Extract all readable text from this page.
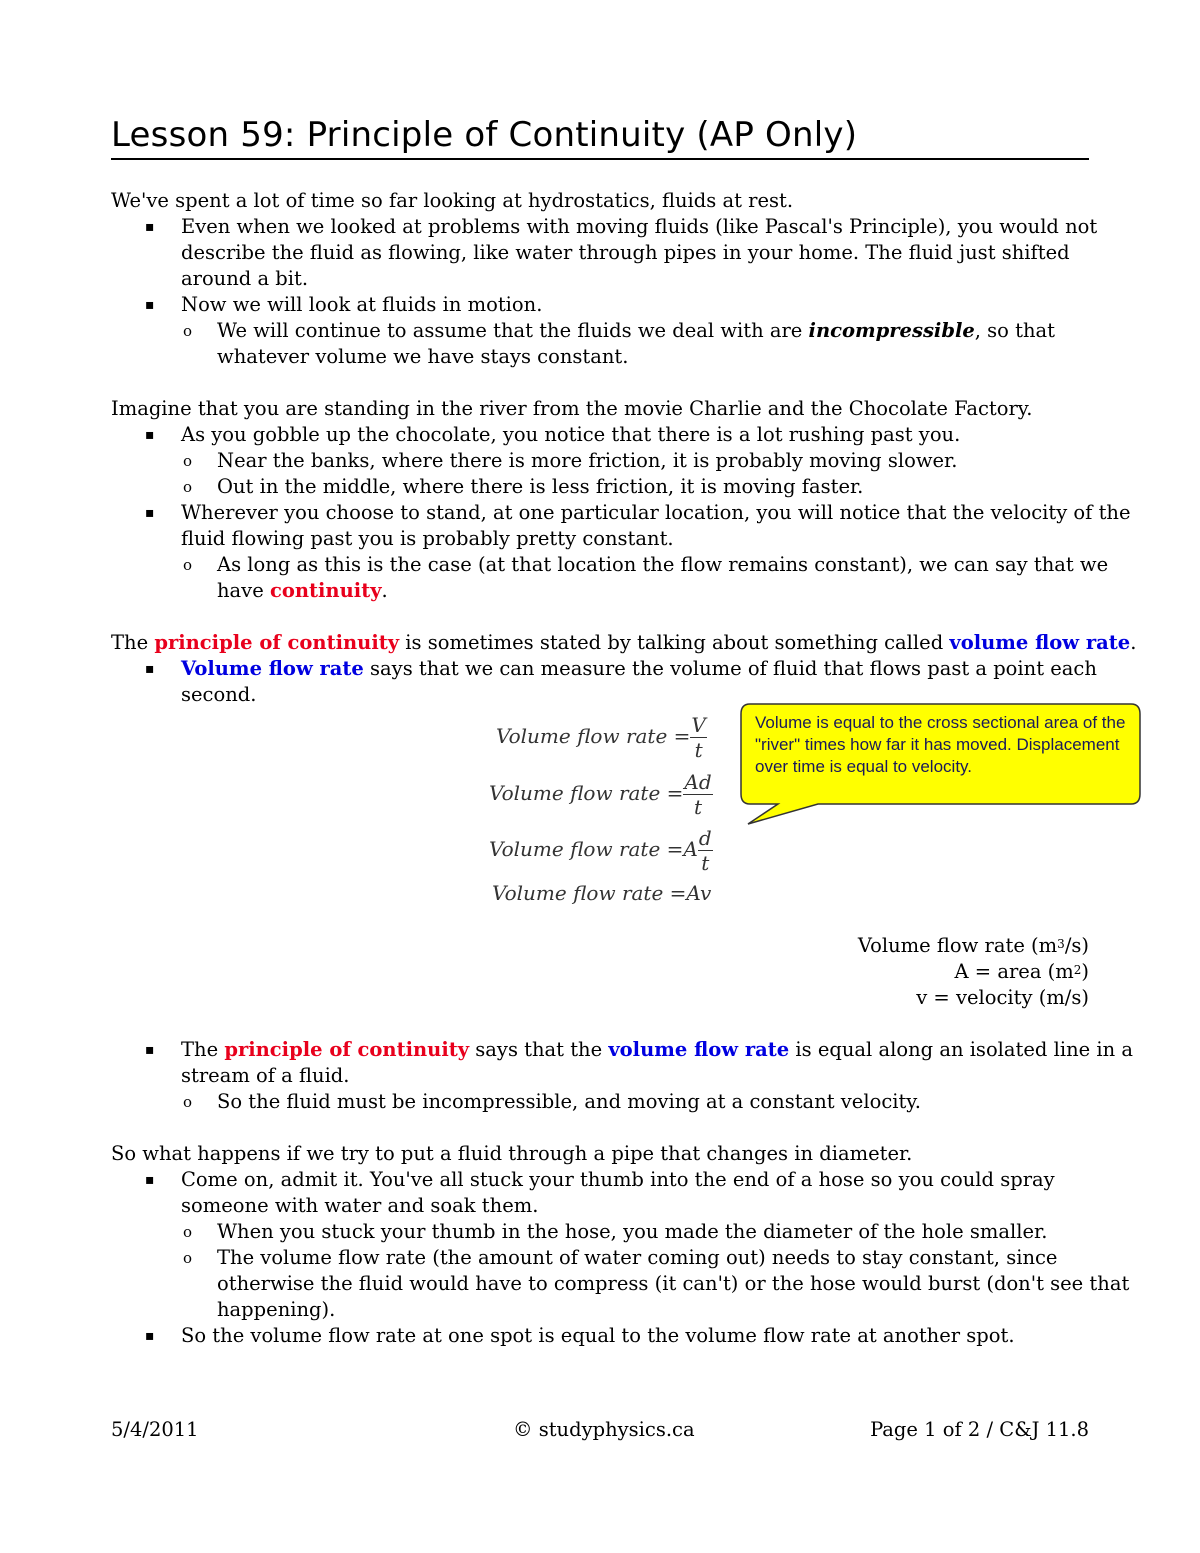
Lesson 59: Principle of Continuity (AP Only)
We've spent a lot of time so far looking at hydrostatics, fluids at rest.
▪ Even when we looked at problems with moving fluids (like Pascal's Principle), you would not
describe the fluid as flowing, like water through pipes in your home. The fluid just shifted
around a bit.
▪ Now we will look at fluids in motion.
o We will continue to assume that the fluids we deal with are incompressible, so that
whatever volume we have stays constant.
Imagine that you are standing in the river from the movie Charlie and the Chocolate Factory.
▪ As you gobble up the chocolate, you notice that there is a lot rushing past you.
o Near the banks, where there is more friction, it is probably moving slower.
o Out in the middle, where there is less friction, it is moving faster.
▪ Wherever you choose to stand, at one particular location, you will notice that the velocity of the
fluid flowing past you is probably pretty constant.
o As long as this is the case (at that location the flow remains constant), we can say that we
have continuity.
The principle of continuity is sometimes stated by talking about something called volume flow rate.
▪ Volume flow rate says that we can measure the volume of fluid that flows past a point each
second.
Volume flow rate = $\frac{V}{t}$
Volume flow rate = $\frac{Ad}{t}$
Volume flow rate $=A \frac{d}{t}$
Volume flow rate =Av
Volume is equal to the cross sectional area of the "river" times how far it has moved. Displacement over time is equal to velocity.
Volume flow rate $(m^3/s)$
A = area $(m^2)$
v = velocity (m/s)
▪ The principle of continuity says that the volume flow rate is equal along an isolated line in a
stream of a fluid.
o So the fluid must be incompressible, and moving at a constant velocity.
So what happens if we try to put a fluid through a pipe that changes in diameter.
▪ Come on, admit it. You've all stuck your thumb into the end of a hose so you could spray
someone with water and soak them.
o When you stuck your thumb in the hose, you made the diameter of the hole smaller.
o The volume flow rate (the amount of water coming out) needs to stay constant, since
otherwise the fluid would have to compress (it can't) or the hose would burst (don't see that
happening).
▪ So the volume flow rate at one spot is equal to the volume flow rate at another spot.
5/4/2011	© studyphysics.ca	Page 1 of 2 / C&J 11.8
